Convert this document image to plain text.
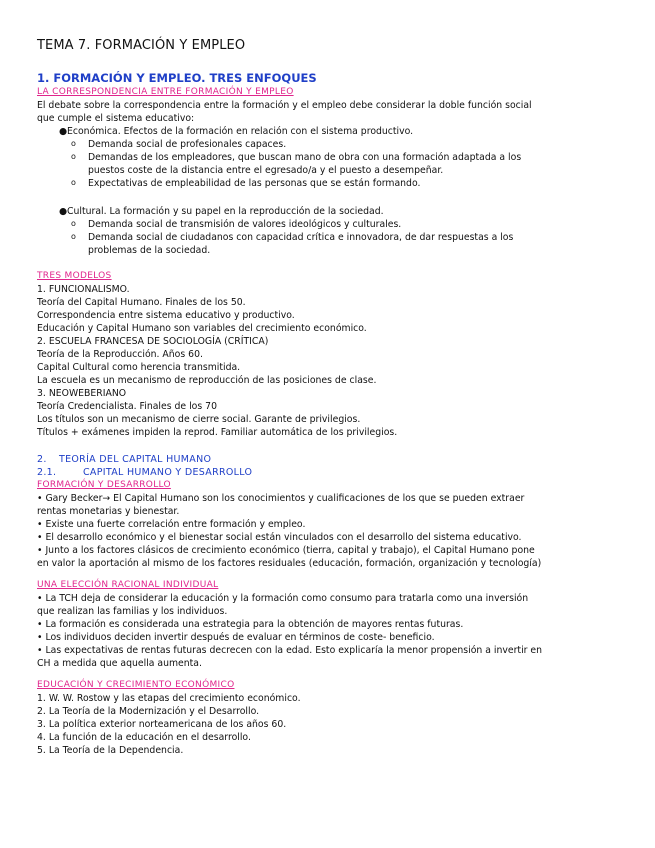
TEMA 7. FORMACIÓN Y EMPLEO
1. FORMACIÓN Y EMPLEO. TRES ENFOQUES

LA CORRESPONDENCIA ENTRE FORMACIÓN Y EMPLEO

El debate sobre la correspondencia entre la formación y el empleo debe considerar la doble función social

que cumple el sistema educativo:

● Económica. Efectos de la formación en relación con el sistema productivo.

o Demanda social de profesionales capaces.

o Demandas de los empleadores, que buscan mano de obra con una formación adaptada a los

puestos coste de la distancia entre el egresado/a y el puesto a desempeñar.

o Expectativas de empleabilidad de las personas que se están formando.

● Cultural. La formación y su papel en la reproducción de la sociedad.

o Demanda social de transmisión de valores ideológicos y culturales.

o Demanda social de ciudadanos con capacidad crítica e innovadora, de dar respuestas a los

problemas de la sociedad.

TRES MODELOS

1. FUNCIONALISMO.

Teoría del Capital Humano. Finales de los 50.

Correspondencia entre sistema educativo y productivo.

Educación y Capital Humano son variables del crecimiento económico.

2. ESCUELA FRANCESA DE SOCIOLOGÍA (CRÍTICA)

Teoría de la Reproducción. Años 60.

Capital Cultural como herencia transmitida.

La escuela es un mecanismo de reproducción de las posiciones de clase.

3. NEOWEBERIANO

Teoría Credencialista. Finales de los 70

Los títulos son un mecanismo de cierre social. Garante de privilegios.

Títulos + exámenes impiden la reprod. Familiar automática de los privilegios.

2. TEORÍA DEL CAPITAL HUMANO

2.1.	CAPITAL HUMANO Y DESARROLLO

FORMACIÓN Y DESARROLLO

• Gary Becker→ El Capital Humano son los conocimientos y cualificaciones de los que se pueden extraer

rentas monetarias y bienestar.

• Existe una fuerte correlación entre formación y empleo.

• El desarrollo económico y el bienestar social están vinculados con el desarrollo del sistema educativo.

• Junto a los factores clásicos de crecimiento económico (tierra, capital y trabajo), el Capital Humano pone

en valor la aportación al mismo de los factores residuales (educación, formación, organización y tecnología)

UNA ELECCIÓN RACIONAL INDIVIDUAL

• La TCH deja de considerar la educación y la formación como consumo para tratarla como una inversión

que realizan las familias y los individuos.

• La formación es considerada una estrategia para la obtención de mayores rentas futuras.

• Los individuos deciden invertir después de evaluar en términos de coste- beneficio.

• Las expectativas de rentas futuras decrecen con la edad. Esto explicaría la menor propensión a invertir en

CH a medida que aquella aumenta.

EDUCACIÓN Y CRECIMIENTO ECONÓMICO

1. W. W. Rostow y las etapas del crecimiento económico.

2. La Teoría de la Modernización y el Desarrollo.

3. La política exterior norteamericana de los años 60.

4. La función de la educación en el desarrollo.

5. La Teoría de la Dependencia.
